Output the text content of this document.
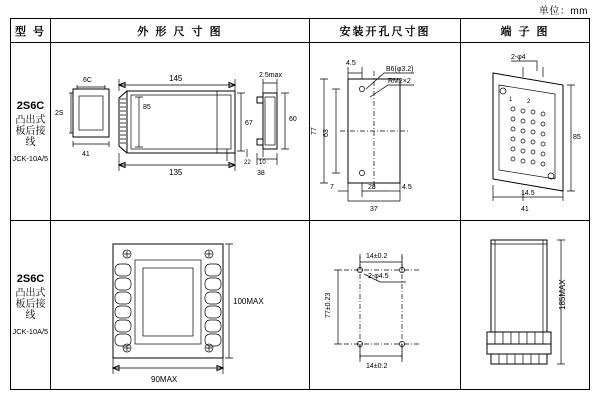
单位：mm
型 号	外 形 尺 寸 图	安装开孔尺寸图	端 子 图

2S6C
凸出式板后接线
JCK-10A/5

6C
2S
41
145
85
67
135
2.5max
60
38
22 10

B6(φ3.2)
RM2×2
4.5
77 63
7	28	4.5
37

1 2
2-φ4
85
14.5
41

2S6C
凸出式板后接线
JCK-10A/5

100MAX
90MAX

14±0.2
2-φ4.5
77±0.23
14±0.2

185MAX
